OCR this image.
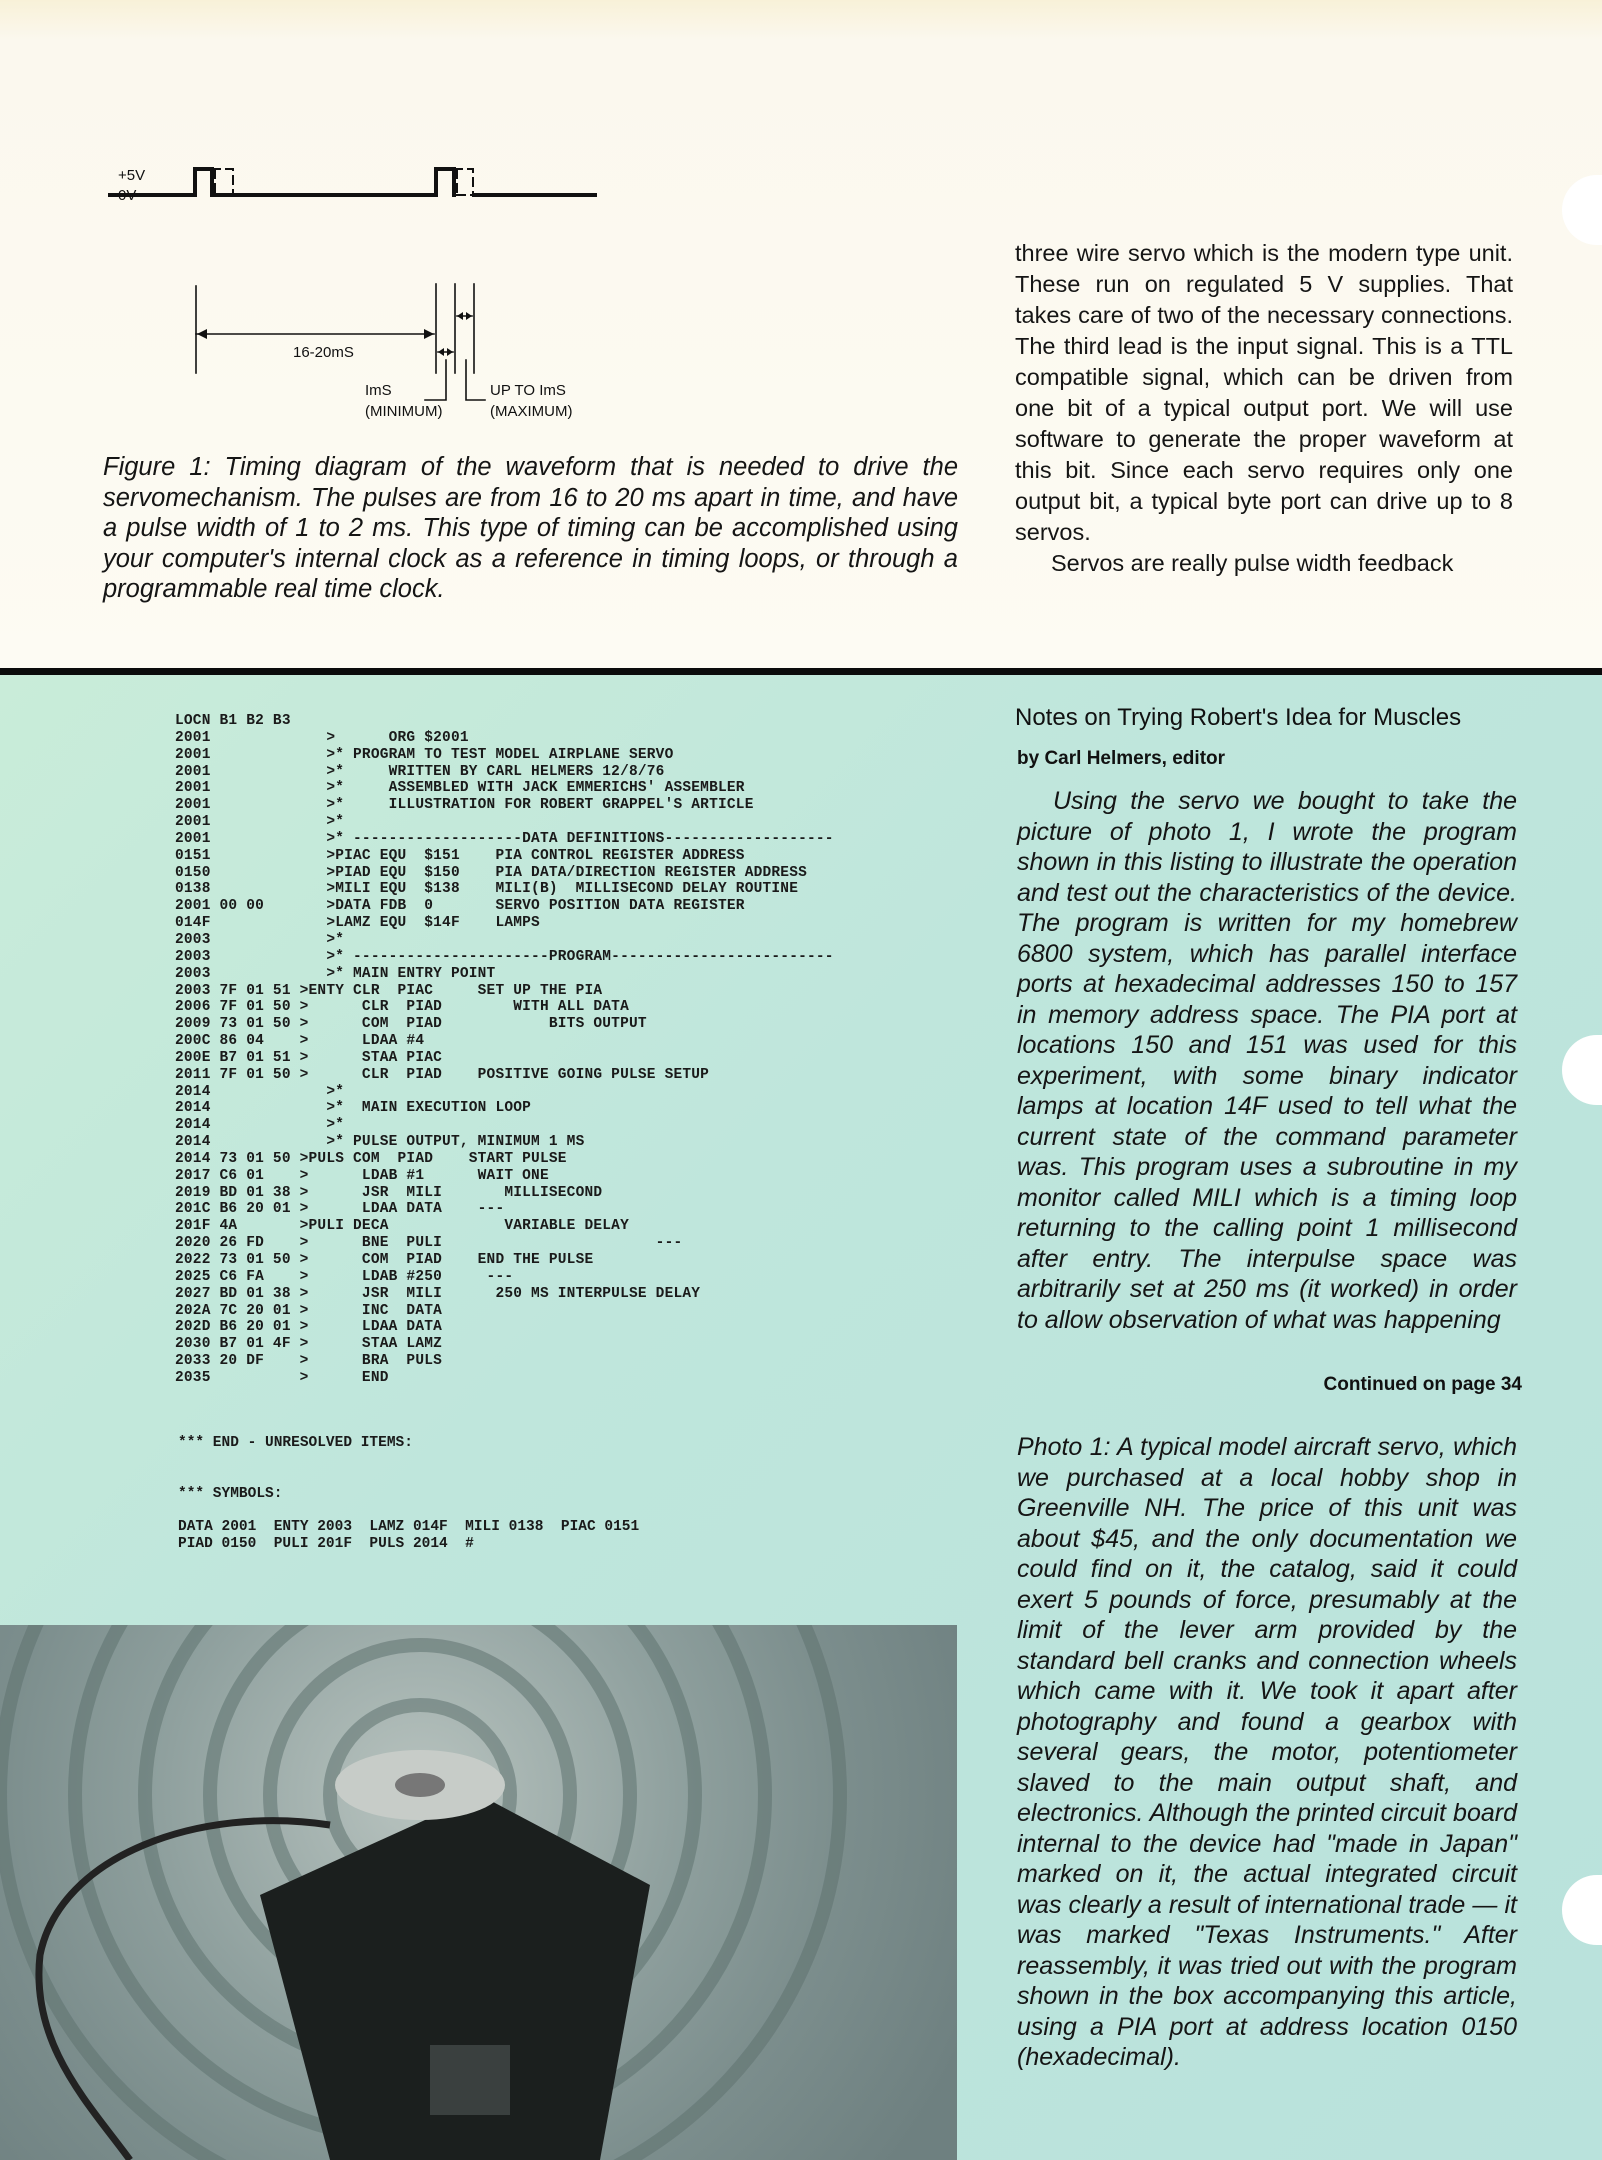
+5V
0V
16-20mS
ImS
(MINIMUM)
UP TO ImS
(MAXIMUM)
Figure 1: Timing diagram of the waveform that is needed to drive the servomechanism. The pulses are from 16 to 20 ms apart in time, and have a pulse width of 1 to 2 ms. This type of timing can be accomplished using your computer's internal clock as a reference in timing loops, or through a programmable real time clock.

three wire servo which is the modern type unit. These run on regulated 5 V supplies. That takes care of two of the necessary connections. The third lead is the input signal. This is a TTL compatible signal, which can be driven from one bit of a typical output port. We will use software to generate the proper waveform at this bit. Since each servo requires only one output bit, a typical byte port can drive up to 8 servos.

Servos are really pulse width feedback

LOCN B1 B2 B3
2001             >      ORG $2001
2001             >* PROGRAM TO TEST MODEL AIRPLANE SERVO
2001             >*     WRITTEN BY CARL HELMERS 12/8/76
2001             >*     ASSEMBLED WITH JACK EMMERICHS' ASSEMBLER
2001             >*     ILLUSTRATION FOR ROBERT GRAPPEL'S ARTICLE
2001             >*
2001             >* -------------------DATA DEFINITIONS-------------------
0151             >PIAC EQU  $151    PIA CONTROL REGISTER ADDRESS
0150             >PIAD EQU  $150    PIA DATA/DIRECTION REGISTER ADDRESS
0138             >MILI EQU  $138    MILI(B)  MILLISECOND DELAY ROUTINE
2001 00 00       >DATA FDB  0       SERVO POSITION DATA REGISTER
014F             >LAMZ EQU  $14F    LAMPS
2003             >*
2003             >* ----------------------PROGRAM-------------------------
2003             >* MAIN ENTRY POINT
2003 7F 01 51 >ENTY CLR  PIAC     SET UP THE PIA
2006 7F 01 50 >      CLR  PIAD        WITH ALL DATA
2009 73 01 50 >      COM  PIAD            BITS OUTPUT
200C 86 04    >      LDAA #4
200E B7 01 51 >      STAA PIAC
2011 7F 01 50 >      CLR  PIAD    POSITIVE GOING PULSE SETUP
2014             >*
2014             >*  MAIN EXECUTION LOOP
2014             >*
2014             >* PULSE OUTPUT, MINIMUM 1 MS
2014 73 01 50 >PULS COM  PIAD    START PULSE
2017 C6 01    >      LDAB #1      WAIT ONE
2019 BD 01 38 >      JSR  MILI       MILLISECOND
201C B6 20 01 >      LDAA DATA    ---
201F 4A       >PULI DECA             VARIABLE DELAY
2020 26 FD    >      BNE  PULI                        ---
2022 73 01 50 >      COM  PIAD    END THE PULSE
2025 C6 FA    >      LDAB #250     ---
2027 BD 01 38 >      JSR  MILI      250 MS INTERPULSE DELAY
202A 7C 20 01 >      INC  DATA
202D B6 20 01 >      LDAA DATA
2030 B7 01 4F >      STAA LAMZ
2033 20 DF    >      BRA  PULS
2035          >      END
*** END - UNRESOLVED ITEMS:

*** SYMBOLS:

DATA 2001  ENTY 2003  LAMZ 014F  MILI 0138  PIAC 0151
PIAD 0150  PULI 201F  PULS 2014  #
Notes on Trying Robert's Idea for Muscles
by Carl Helmers, editor
Using the servo we bought to take the picture of photo 1, I wrote the program shown in this listing to illustrate the operation and test out the characteristics of the device. The program is written for my homebrew 6800 system, which has parallel interface ports at hexadecimal addresses 150 to 157 in memory address space. The PIA port at locations 150 and 151 was used for this experiment, with some binary indicator lamps at location 14F used to tell what the current state of the command parameter was. This program uses a subroutine in my monitor called MILI which is a timing loop returning to the calling point 1 millisecond after entry. The interpulse space was arbitrarily set at 250 ms (it worked) in order to allow observation of what was happening
Continued on page 34
Photo 1: A typical model aircraft servo, which we purchased at a local hobby shop in Greenville NH. The price of this unit was about $45, and the only documentation we could find on it, the catalog, said it could exert 5 pounds of force, presumably at the limit of the lever arm provided by the standard bell cranks and connection wheels which came with it. We took it apart after photography and found a gearbox with several gears, the motor, potentiometer slaved to the main output shaft, and electronics. Although the printed circuit board internal to the device had "made in Japan" marked on it, the actual integrated circuit was clearly a result of international trade — it was marked "Texas Instruments." After reassembly, it was tried out with the program shown in the box accompanying this article, using a PIA port at address location 0150 (hexadecimal).
